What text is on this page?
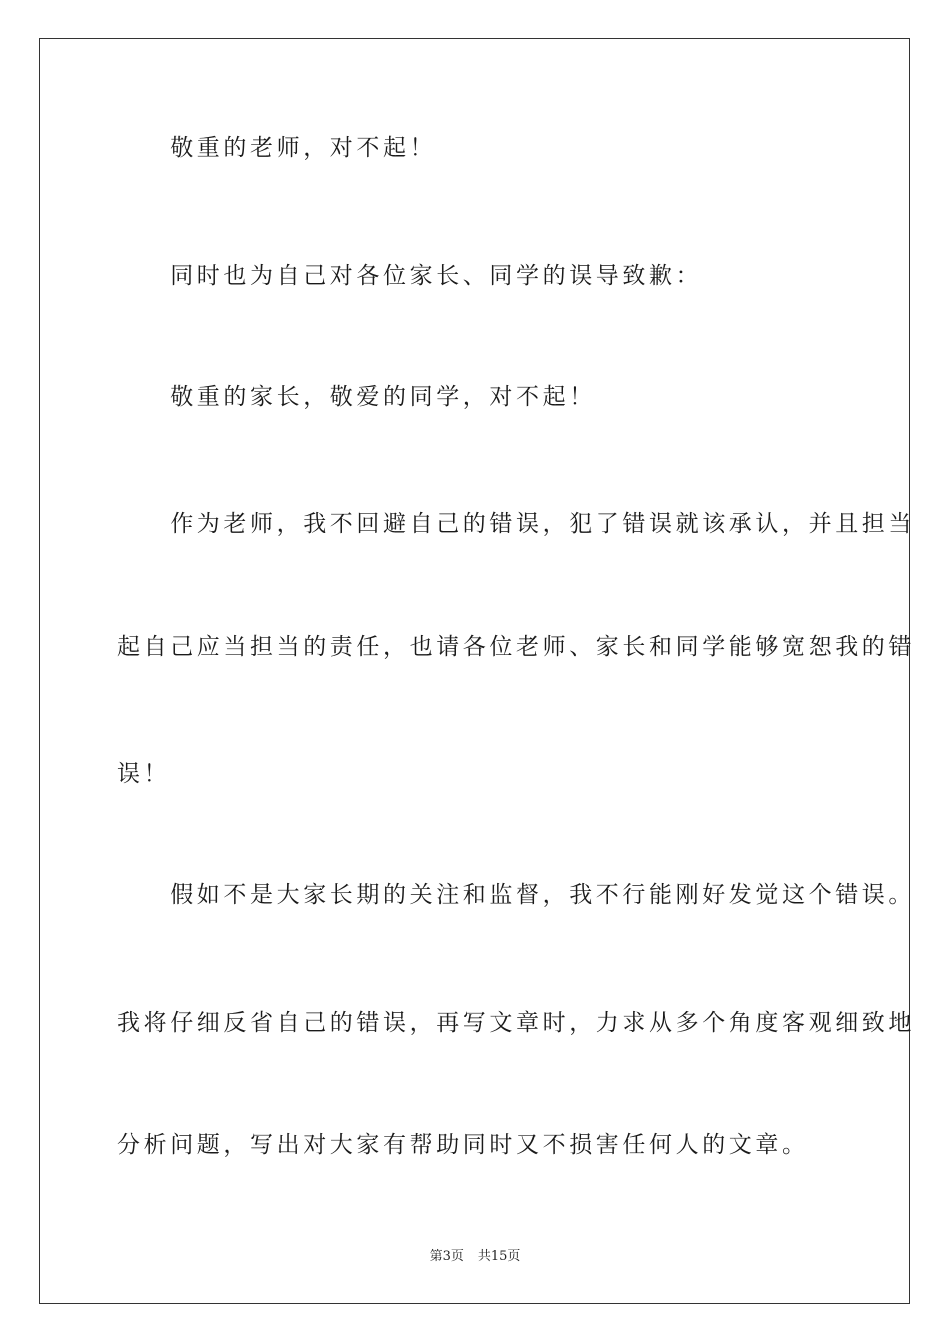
　　敬重的老师，对不起！
　　同时也为自己对各位家长、同学的误导致歉：
　　敬重的家长，敬爱的同学，对不起！
　　作为老师，我不回避自己的错误，犯了错误就该承认，并且担当
起自己应当担当的责任，也请各位老师、家长和同学能够宽恕我的错
误！
　　假如不是大家长期的关注和监督，我不行能刚好发觉这个错误。
我将仔细反省自己的错误，再写文章时，力求从多个角度客观细致地
分析问题，写出对大家有帮助同时又不损害任何人的文章。
第3页 共15页
